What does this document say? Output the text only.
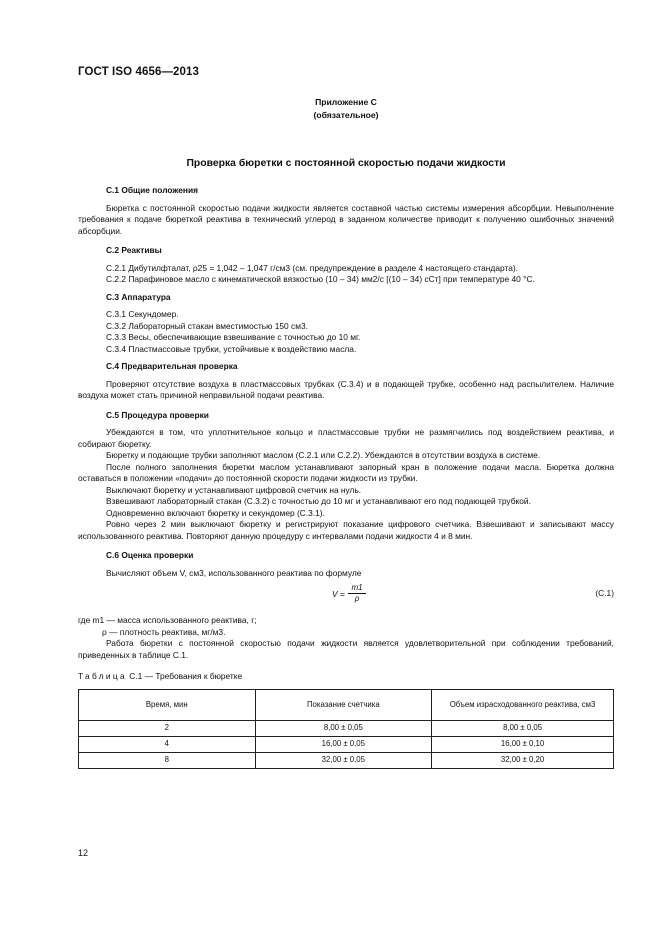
ГОСТ ISO 4656—2013
Приложение С
(обязательное)
Проверка бюретки с постоянной скоростью подачи жидкости
С.1 Общие положения

Бюретка с постоянной скоростью подачи жидкости является составной частью системы измерения абсорбции. Невыполнение требования к подаче бюреткой реактива в технический углерод в заданном количестве приводит к получению ошибочных значений абсорбции.

С.2 Реактивы

С.2.1 Дибутилфталат, ρ25 = 1,042 – 1,047 г/см3 (см. предупреждение в разделе 4 настоящего стандарта).

С.2.2 Парафиновое масло с кинематической вязкостью (10 – 34) мм2/с [(10 – 34) сСт] при температуре 40 °С.

С.3 Аппаратура

С.3.1 Секундомер.

С.3.2 Лабораторный стакан вместимостью 150 см3.

С.3.3 Весы, обеспечивающие взвешивание с точностью до 10 мг.

С.3.4 Пластмассовые трубки, устойчивые к воздействию масла.

С.4 Предварительная проверка

Проверяют отсутствие воздуха в пластмассовых трубках (С.3.4) и в подающей трубке, особенно над распылителем. Наличие воздуха может стать причиной неправильной подачи реактива.

С.5 Процедура проверки

Убеждаются в том, что уплотнительное кольцо и пластмассовые трубки не размягчились под воздействием реактива, и собирают бюретку.

Бюретку и подающие трубки заполняют маслом (С.2.1 или С.2.2). Убеждаются в отсутствии воздуха в системе.

После полного заполнения бюретки маслом устанавливают запорный кран в положение подачи масла. Бюретка должна оставаться в положении «подачи» до постоянной скорости подачи жидкости из трубки.

Выключают бюретку и устанавливают цифровой счетчик на нуль.

Взвешивают лабораторный стакан (С.3.2) с точностью до 10 мг и устанавливают его под подающей трубкой.

Одновременно включают бюретку и секундомер (С.3.1).

Ровно через 2 мин выключают бюретку и регистрируют показание цифрового счетчика. Взвешивают и записывают массу использованного реактива. Повторяют данную процедуру с интервалами подачи жидкости 4 и 8 мин.

С.6 Оценка проверки

Вычисляют объем V, см3, использованного реактива по формуле

$V = \frac{m1}{\rho}$	(С.1)

где m1 — масса использованного реактива, г;

ρ — плотность реактива, мг/м3.

Работа бюретки с постоянной скоростью подачи жидкости является удовлетворительной при соблюдении требований, приведенных в таблице С.1.

Таблица С.1 — Требования к бюретке
Время, мин	Показание счетчика	Объем израсходованного реактива, см3
2	8,00 ± 0,05	8,00 ± 0,05
4	16,00 ± 0,05	16,00 ± 0,10
8	32,00 ± 0,05	32,00 ± 0,20
12
